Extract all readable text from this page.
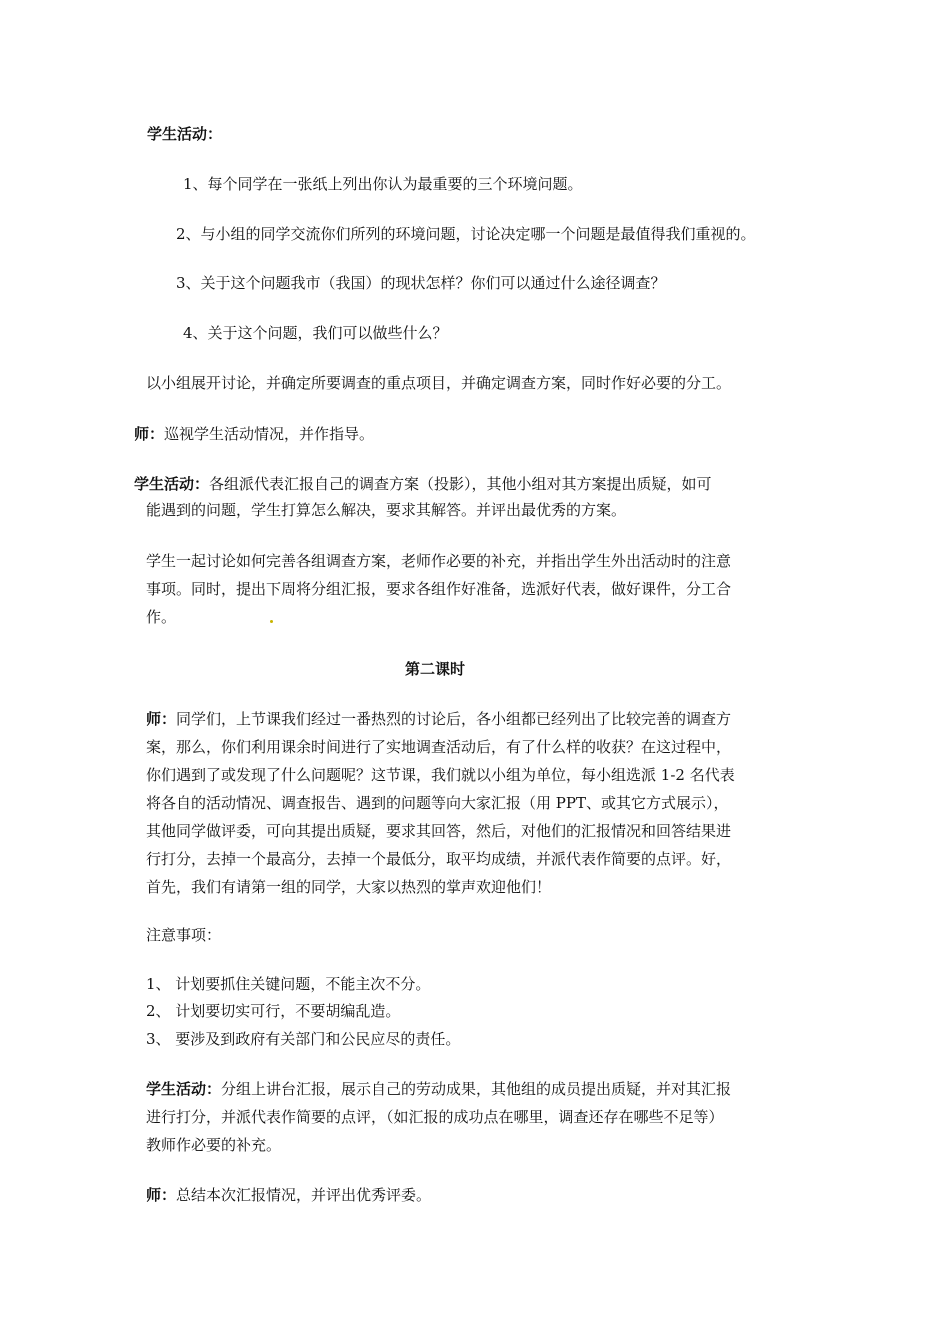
学生活动：
1、每个同学在一张纸上列出你认为最重要的三个环境问题。
2、与小组的同学交流你们所列的环境问题，讨论决定哪一个问题是最值得我们重视的。
3、关于这个问题我市（我国）的现状怎样？你们可以通过什么途径调查？
4、关于这个问题，我们可以做些什么？
以小组展开讨论，并确定所要调查的重点项目，并确定调查方案，同时作好必要的分工。
师：巡视学生活动情况，并作指导。
学生活动：各组派代表汇报自己的调查方案（投影），其他小组对其方案提出质疑，如可
能遇到的问题，学生打算怎么解决，要求其解答。并评出最优秀的方案。
学生一起讨论如何完善各组调查方案，老师作必要的补充，并指出学生外出活动时的注意
事项。同时，提出下周将分组汇报，要求各组作好准备，选派好代表，做好课件，分工合
作。
第二课时
师：同学们，上节课我们经过一番热烈的讨论后，各小组都已经列出了比较完善的调查方
案，那么，你们利用课余时间进行了实地调查活动后，有了什么样的收获？在这过程中，
你们遇到了或发现了什么问题呢？这节课，我们就以小组为单位，每小组选派 1-2 名代表
将各自的活动情况、调查报告、遇到的问题等向大家汇报（用 PPT、或其它方式展示），
其他同学做评委，可向其提出质疑，要求其回答，然后，对他们的汇报情况和回答结果进
行打分，去掉一个最高分，去掉一个最低分，取平均成绩，并派代表作简要的点评。好，
首先，我们有请第一组的同学，大家以热烈的掌声欢迎他们！
注意事项：
1、 计划要抓住关键问题，不能主次不分。
2、 计划要切实可行，不要胡编乱造。
3、 要涉及到政府有关部门和公民应尽的责任。
学生活动：分组上讲台汇报，展示自己的劳动成果，其他组的成员提出质疑，并对其汇报
进行打分，并派代表作简要的点评，（如汇报的成功点在哪里，调查还存在哪些不足等）
教师作必要的补充。
师：总结本次汇报情况，并评出优秀评委。
